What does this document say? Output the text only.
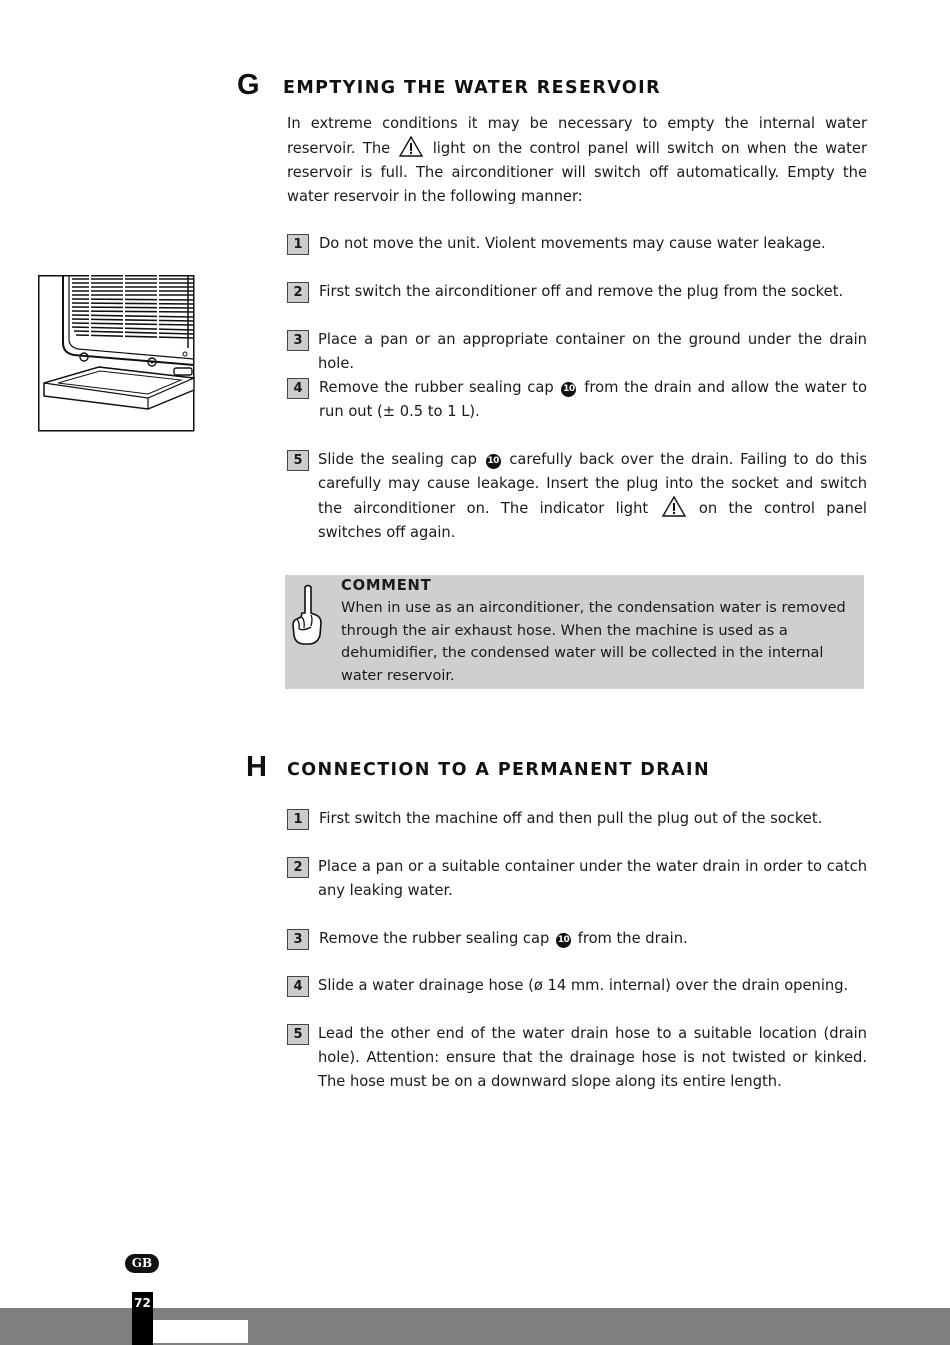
G EMPTYING THE WATER RESERVOIR
In extreme conditions it may be necessary to empty the internal water reservoir. The	light on the control panel will switch on when the water reservoir is full. The airconditioner will switch off automatically. Empty the water reservoir in the following manner:
1	Do not move the unit. Violent movements may cause water leakage.
2	First switch the airconditioner off and remove the plug from the socket.
3	Place a pan or an appropriate container on the ground under the drain hole.
4	Remove the rubber sealing cap 10 from the drain and allow the water to run out (± 0.5 to 1 L).
5	Slide the sealing cap 10 carefully back over the drain. Failing to do this carefully may cause leakage. Insert the plug into the socket and switch the airconditioner on. The indicator light	on the control panel switches off again.
COMMENT
When in use as an airconditioner, the condensation water is removed through the air exhaust hose. When the machine is used as a dehumidifier, the condensed water will be collected in the internal water reservoir.
H CONNECTION TO A PERMANENT DRAIN
1	First switch the machine off and then pull the plug out of the socket.
2	Place a pan or a suitable container under the water drain in order to catch any leaking water.
3	Remove the rubber sealing cap 10 from the drain.
4	Slide a water drainage hose (ø 14 mm. internal) over the drain opening.
5	Lead the other end of the water drain hose to a suitable location (drain hole). Attention: ensure that the drainage hose is not twisted or kinked. The hose must be on a downward slope along its entire length.
GB
72
